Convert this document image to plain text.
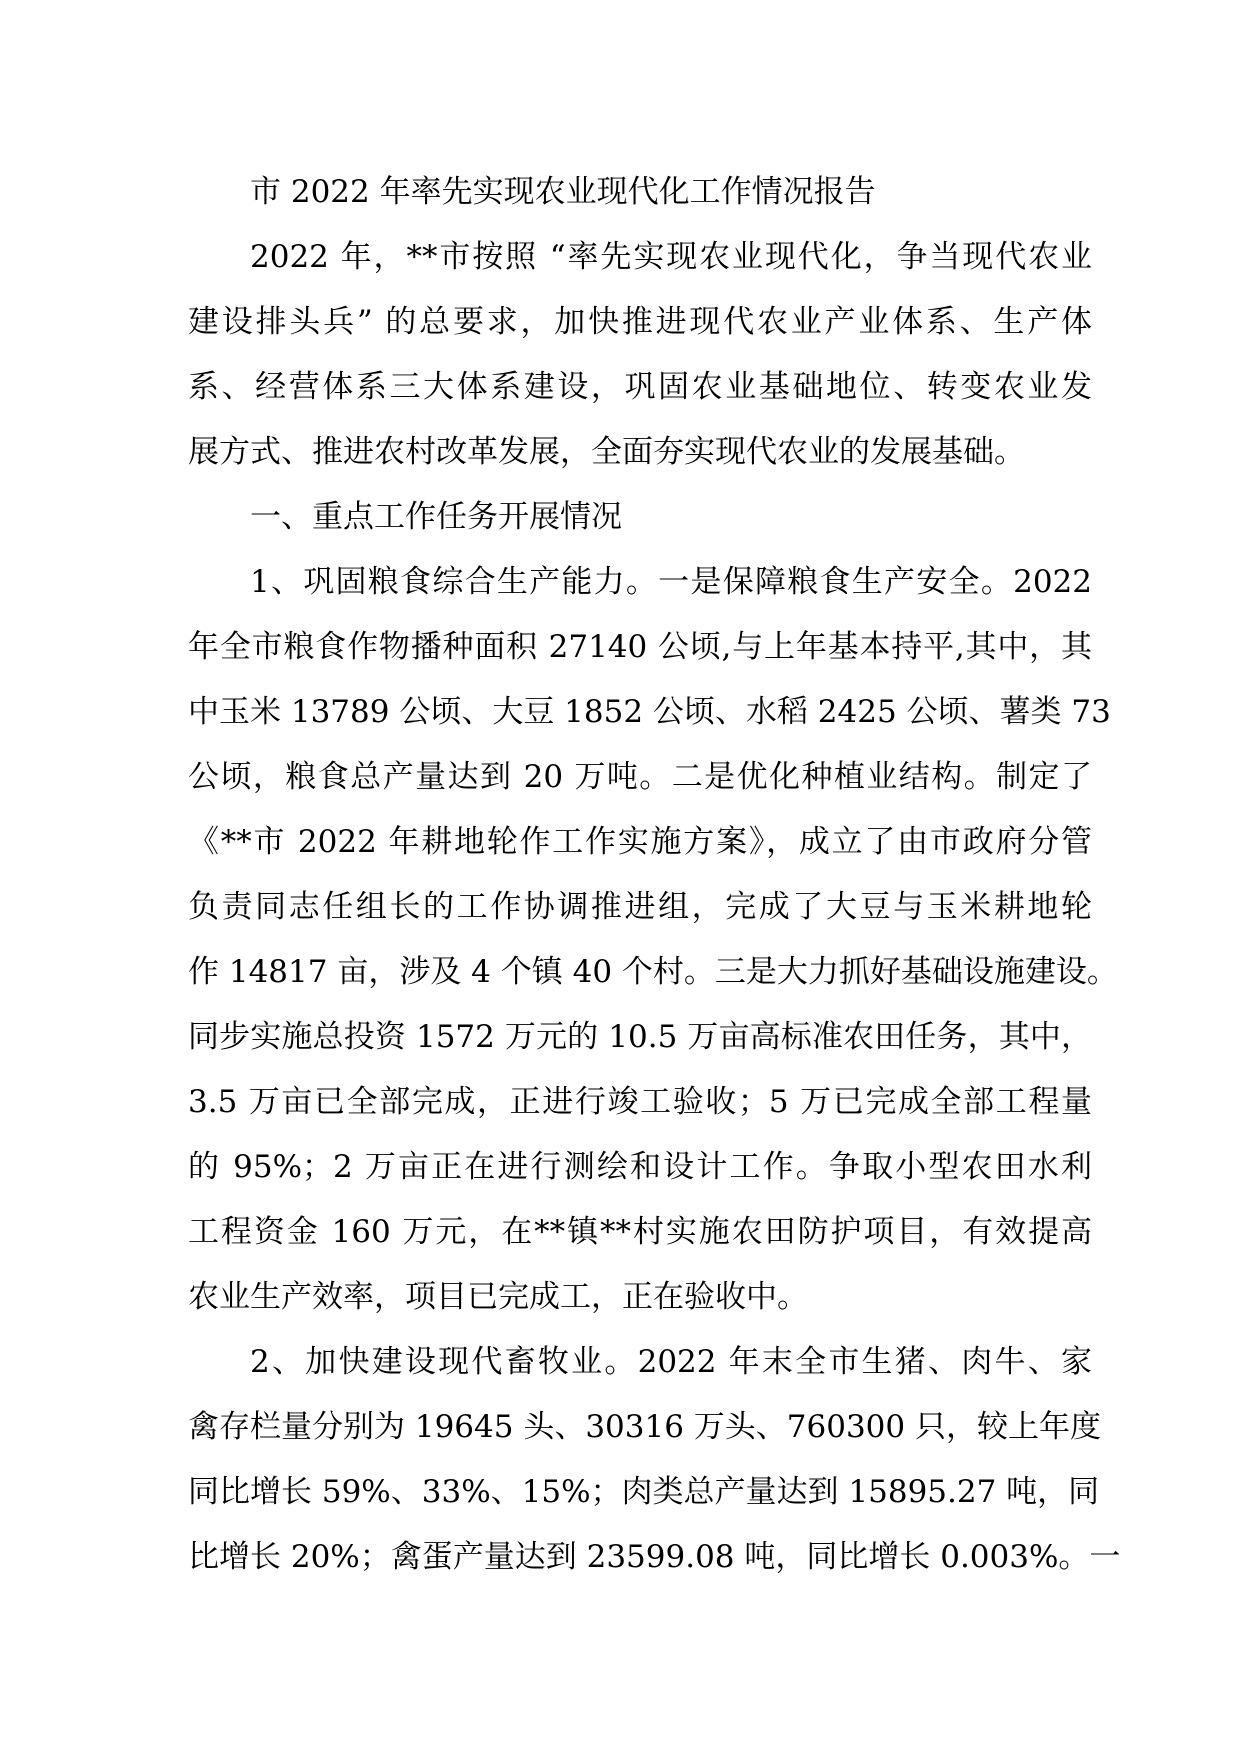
市 2022 年率先实现农业现代化工作情况报告
2022 年，**市按照 “率先实现农业现代化，争当现代农业
建设排头兵” 的总要求，加快推进现代农业产业体系、生产体
系、经营体系三大体系建设，巩固农业基础地位、转变农业发
展方式、推进农村改革发展，全面夯实现代农业的发展基础。
一、重点工作任务开展情况
1、巩固粮食综合生产能力。一是保障粮食生产安全。2022
年全市粮食作物播种面积 27140 公顷,与上年基本持平,其中，其
中玉米 13789 公顷、大豆 1852 公顷、水稻 2425 公顷、薯类 73
公顷，粮食总产量达到 20 万吨。二是优化种植业结构。制定了
《**市 2022 年耕地轮作工作实施方案》，成立了由市政府分管
负责同志任组长的工作协调推进组，完成了大豆与玉米耕地轮
作 14817 亩，涉及 4 个镇 40 个村。三是大力抓好基础设施建设。
同步实施总投资 1572 万元的 10.5 万亩高标准农田任务，其中，
3.5 万亩已全部完成，正进行竣工验收；5 万已完成全部工程量
的 95%；2 万亩正在进行测绘和设计工作。争取小型农田水利
工程资金 160 万元，在**镇**村实施农田防护项目，有效提高
农业生产效率，项目已完成工，正在验收中。
2、加快建设现代畜牧业。2022 年末全市生猪、肉牛、家
禽存栏量分别为 19645 头、30316 万头、760300 只，较上年度
同比增长 59%、33%、15%；肉类总产量达到 15895.27 吨，同
比增长 20%；禽蛋产量达到 23599.08 吨，同比增长 0.003%。一
